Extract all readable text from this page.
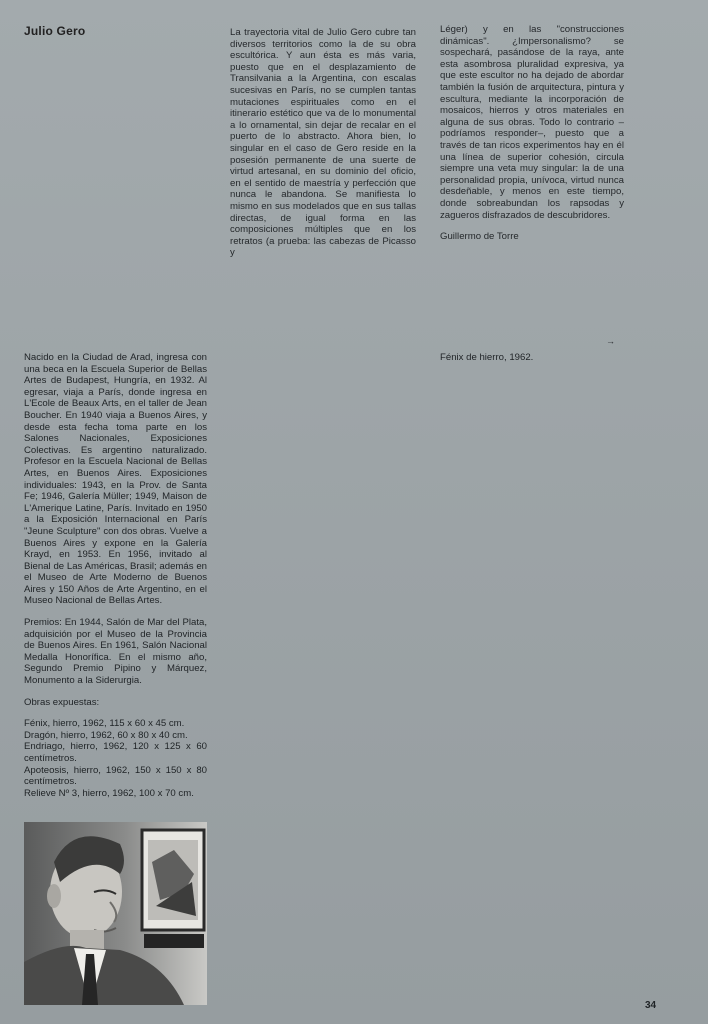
Julio Gero	La trayectoria vital de Julio Gero cubre tan diversos territorios como la de su obra escultórica. Y aun ésta es más varia, puesto que en el desplazamiento de Transilvania a la Argentina, con escalas sucesivas en París, no se cumplen tantas mutaciones espirituales como en el itinerario estético que va de lo monumental a lo ornamental, sin dejar de recalar en el puerto de lo abstracto. Ahora bien, lo singular en el caso de Gero reside en la posesión permanente de una suerte de virtud artesanal, en su dominio del oficio, en el sentido de maestría y perfección que nunca le abandona. Se manifiesta lo mismo en sus modelados que en sus tallas directas, de igual forma en las composiciones múltiples que en los retratos (a prueba: las cabezas de Picasso y

Léger) y en las "construcciones dinámicas". ¿Impersonalismo? se sospechará, pasándose de la raya, ante esta asombrosa pluralidad expresiva, ya que este escultor no ha dejado de abordar también la fusión de arquitectura, pintura y escultura, mediante la incorporación de mosaicos, hierros y otros materiales en alguna de sus obras. Todo lo contrario –podríamos responder–, puesto que a través de tan ricos experimentos hay en él una línea de superior cohesión, circula siempre una veta muy singular: la de una personalidad propia, unívoca, virtud nunca desdeñable, y menos en este tiempo, donde sobreabundan los rapsodas y zagueros disfrazados de descubridores.

Guillermo de Torre

→
Fénix de hierro, 1962.

Nacido en la Ciudad de Arad, ingresa con una beca en la Escuela Superior de Bellas Artes de Budapest, Hungría, en 1932. Al egresar, viaja a París, donde ingresa en L'Ecole de Beaux Arts, en el taller de Jean Boucher. En 1940 viaja a Buenos Aires, y desde esta fecha toma parte en los Salones Nacionales, Exposiciones Colectivas. Es argentino naturalizado. Profesor en la Escuela Nacional de Bellas Artes, en Buenos Aires. Exposiciones individuales: 1943, en la Prov. de Santa Fe; 1946, Galería Müller; 1949, Maison de L'Amerique Latine, París. Invitado en 1950 a la Exposición Internacional en París "Jeune Sculpture" con dos obras. Vuelve a Buenos Aires y expone en la Galería Krayd, en 1953. En 1956, invitado al Bienal de Las Américas, Brasil; además en el Museo de Arte Moderno de Buenos Aires y 150 Años de Arte Argentino, en el Museo Nacional de Bellas Artes.

Premios: En 1944, Salón de Mar del Plata, adquisición por el Museo de la Provincia de Buenos Aires. En 1961, Salón Nacional Medalla Honorífica. En el mismo año, Segundo Premio Pipino y Márquez, Monumento a la Siderurgia.

Obras expuestas:

Fénix, hierro, 1962, 115 x 60 x 45 cm.
Dragón, hierro, 1962, 60 x 80 x 40 cm.
Endriago, hierro, 1962, 120 x 125 x 60 centímetros.
Apoteosis, hierro, 1962, 150 x 150 x 80 centímetros.
Relieve Nº 3, hierro, 1962, 100 x 70 cm.
34
